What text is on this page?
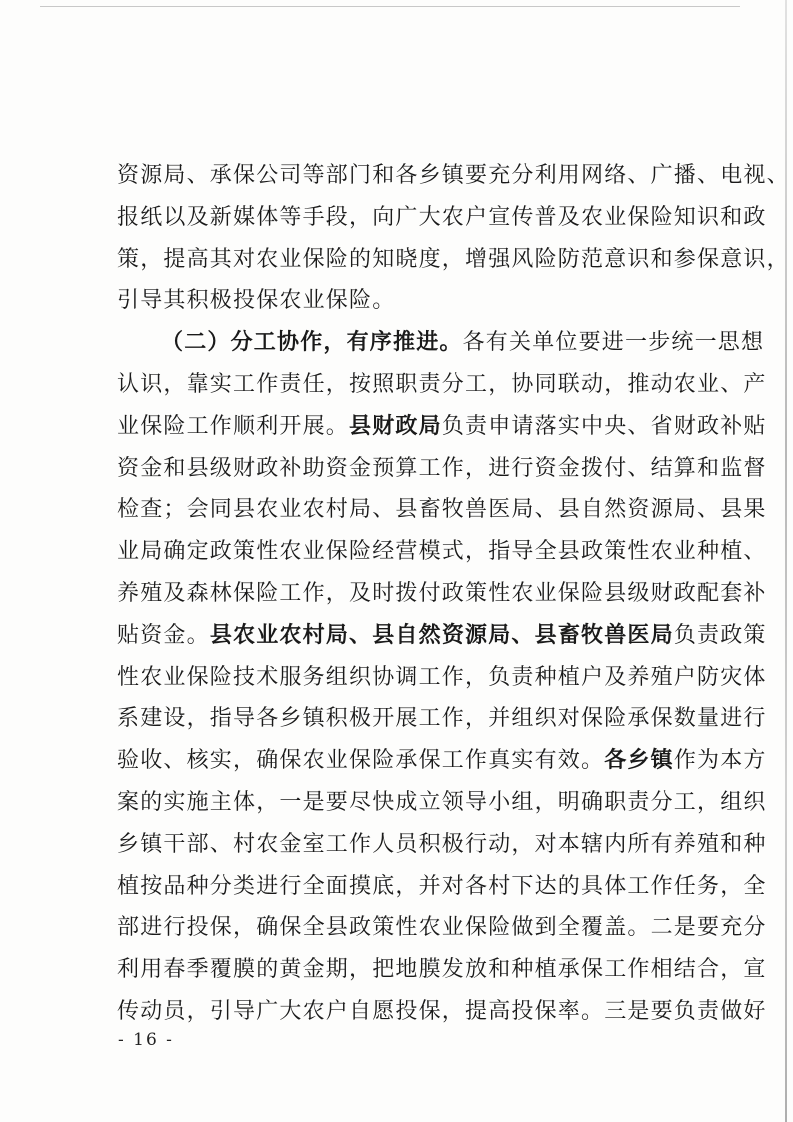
资源局、承保公司等部门和各乡镇要充分利用网络、广播、电视、
报纸以及新媒体等手段，向广大农户宣传普及农业保险知识和政
策，提高其对农业保险的知晓度，增强风险防范意识和参保意识，
引导其积极投保农业保险。
（二）分工协作，有序推进。各有关单位要进一步统一思想
认识，靠实工作责任，按照职责分工，协同联动，推动农业、产
业保险工作顺利开展。县财政局负责申请落实中央、省财政补贴
资金和县级财政补助资金预算工作，进行资金拨付、结算和监督
检查；会同县农业农村局、县畜牧兽医局、县自然资源局、县果
业局确定政策性农业保险经营模式，指导全县政策性农业种植、
养殖及森林保险工作，及时拨付政策性农业保险县级财政配套补
贴资金。县农业农村局、县自然资源局、县畜牧兽医局负责政策
性农业保险技术服务组织协调工作，负责种植户及养殖户防灾体
系建设，指导各乡镇积极开展工作，并组织对保险承保数量进行
验收、核实，确保农业保险承保工作真实有效。各乡镇作为本方
案的实施主体，一是要尽快成立领导小组，明确职责分工，组织
乡镇干部、村农金室工作人员积极行动，对本辖内所有养殖和种
植按品种分类进行全面摸底，并对各村下达的具体工作任务，全
部进行投保，确保全县政策性农业保险做到全覆盖。二是要充分
利用春季覆膜的黄金期，把地膜发放和种植承保工作相结合，宣
传动员，引导广大农户自愿投保，提高投保率。三是要负责做好
- 16 -
